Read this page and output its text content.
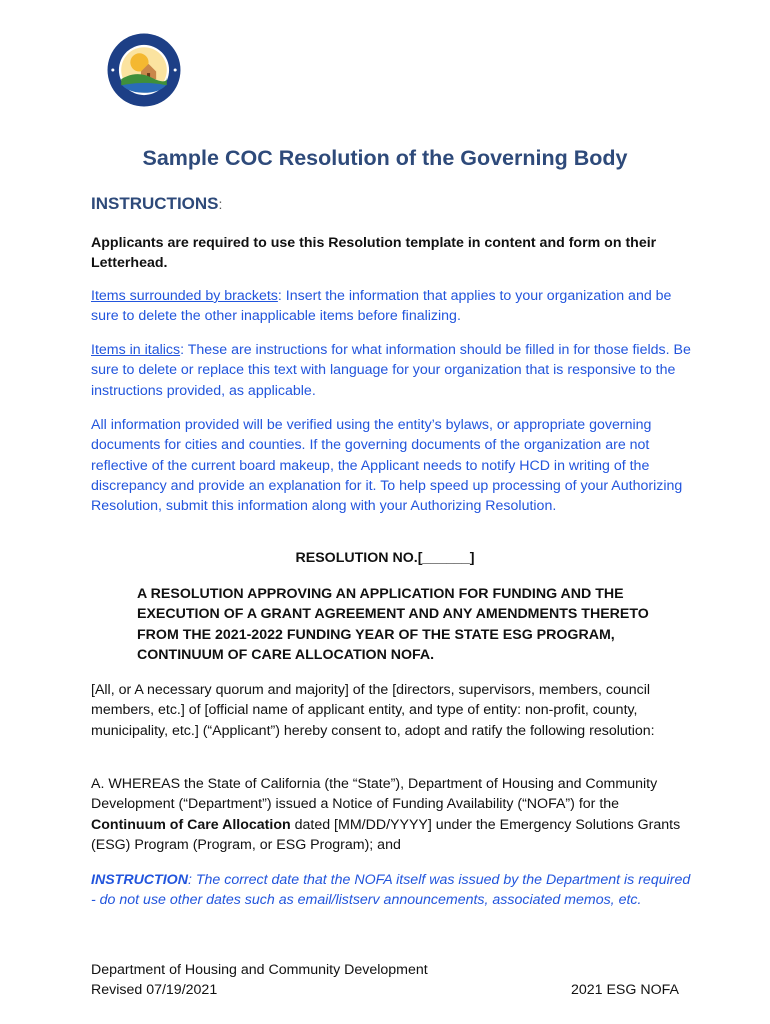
Sample COC Resolution of the Governing Body
INSTRUCTIONS:
Applicants are required to use this Resolution template in content and form on their Letterhead.
Items surrounded by brackets: Insert the information that applies to your organization and be sure to delete the other inapplicable items before finalizing.
Items in italics: These are instructions for what information should be filled in for those fields. Be sure to delete or replace this text with language for your organization that is responsive to the instructions provided, as applicable.
All information provided will be verified using the entity’s bylaws, or appropriate governing documents for cities and counties. If the governing documents of the organization are not reflective of the current board makeup, the Applicant needs to notify HCD in writing of the discrepancy and provide an explanation for it. To help speed up processing of your Authorizing Resolution, submit this information along with your Authorizing Resolution.
RESOLUTION NO.[______]
A RESOLUTION APPROVING AN APPLICATION FOR FUNDING AND THE EXECUTION OF A GRANT AGREEMENT AND ANY AMENDMENTS THERETO FROM THE 2021-2022 FUNDING YEAR OF THE STATE ESG PROGRAM, CONTINUUM OF CARE ALLOCATION NOFA.
[All, or A necessary quorum and majority] of the [directors, supervisors, members, council members, etc.] of [official name of applicant entity, and type of entity: non-profit, county, municipality, etc.] (“Applicant”) hereby consent to, adopt and ratify the following resolution:
A. WHEREAS the State of California (the “State”), Department of Housing and Community Development (“Department”) issued a Notice of Funding Availability (“NOFA”) for the Continuum of Care Allocation dated [MM/DD/YYYY] under the Emergency Solutions Grants (ESG) Program (Program, or ESG Program); and
INSTRUCTION: The correct date that the NOFA itself was issued by the Department is required - do not use other dates such as email/listserv announcements, associated memos, etc.
Department of Housing and Community Development
Revised 07/19/2021	2021 ESG NOFA
